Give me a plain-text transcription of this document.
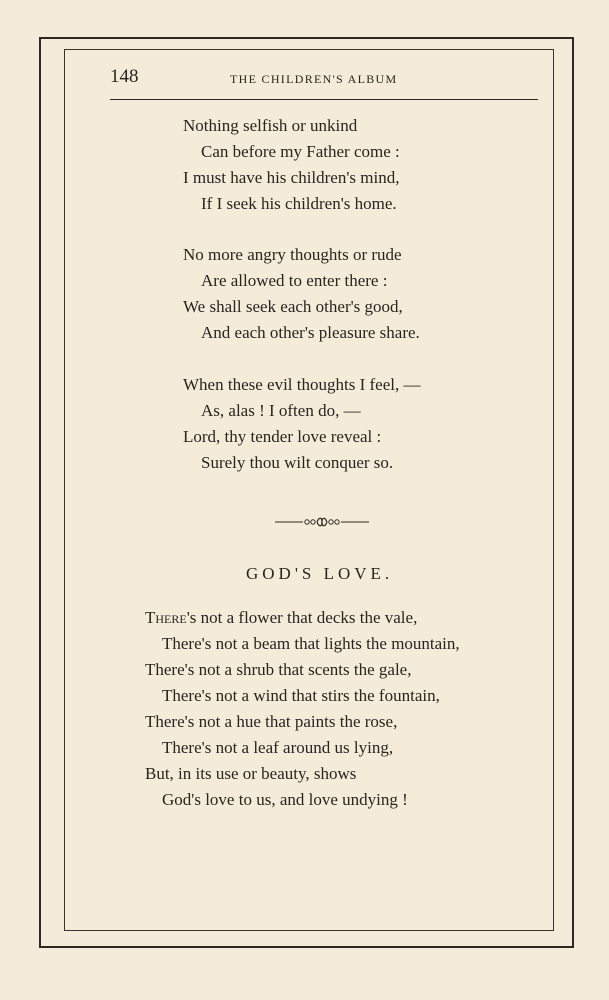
148	THE CHILDREN'S ALBUM
Nothing selfish or unkind
Can before my Father come :
I must have his children's mind,
If I seek his children's home.
No more angry thoughts or rude
Are allowed to enter there :
We shall seek each other's good,
And each other's pleasure share.
When these evil thoughts I feel, —
As, alas ! I often do, —
Lord, thy tender love reveal :
Surely thou wilt conquer so.
GOD'S LOVE.
There's not a flower that decks the vale,
There's not a beam that lights the mountain,
There's not a shrub that scents the gale,
There's not a wind that stirs the fountain,
There's not a hue that paints the rose,
There's not a leaf around us lying,
But, in its use or beauty, shows
God's love to us, and love undying !
